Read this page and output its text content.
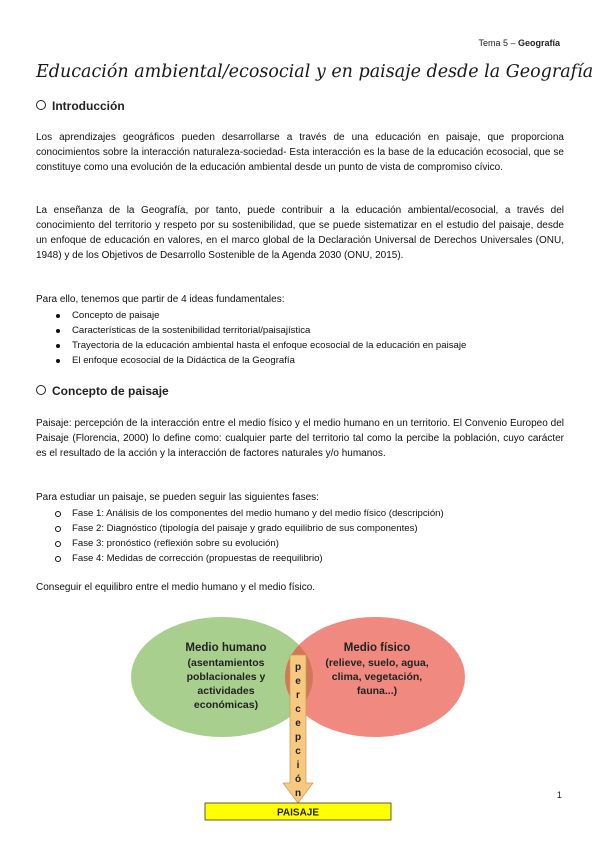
Tema 5 – Geografía
Educación ambiental/ecosocial y en paisaje desde la Geografía
Introducción
Los aprendizajes geográficos pueden desarrollarse a través de una educación en paisaje, que proporciona conocimientos sobre la interacción naturaleza-sociedad- Esta interacción es la base de la educación ecosocial, que se constituye como una evolución de la educación ambiental desde un punto de vista de compromiso cívico.
La enseñanza de la Geografía, por tanto, puede contribuir a la educación ambiental/ecosocial, a través del conocimiento del territorio y respeto por su sostenibilidad, que se puede sistematizar en el estudio del paisaje, desde un enfoque de educación en valores, en el marco global de la Declaración Universal de Derechos Universales (ONU, 1948) y de los Objetivos de Desarrollo Sostenible de la Agenda 2030 (ONU, 2015).
Para ello, tenemos que partir de 4 ideas fundamentales:
Concepto de paisaje
Características de la sostenibilidad territorial/paisajística
Trayectoria de la educación ambiental hasta el enfoque ecosocial de la educación en paisaje
El enfoque ecosocial de la Didáctica de la Geografía
Concepto de paisaje
Paisaje: percepción de la interacción entre el medio físico y el medio humano en un territorio. El Convenio Europeo del Paisaje (Florencia, 2000) lo define como: cualquier parte del territorio tal como la percibe la población, cuyo carácter es el resultado de la acción y la interacción de factores naturales y/o humanos.
Para estudiar un paisaje, se pueden seguir las siguientes fases:
Fase 1: Análisis de los componentes del medio humano y del medio físico (descripción)
Fase 2: Diagnóstico (tipología del paisaje y grado equilibrio de sus componentes)
Fase 3: pronóstico (reflexión sobre su evolución)
Fase 4: Medidas de corrección (propuestas de reequilibrio)
Conseguir el equilibro entre el medio humano y el medio físico.
Medio humano
(asentamientos
poblacionales y
actividades
económicas)
Medio físico
(relieve, suelo, agua,
clima, vegetación,
fauna...)
p
e
r
c
e
p
c
i
ó
n
PAISAJE
1
